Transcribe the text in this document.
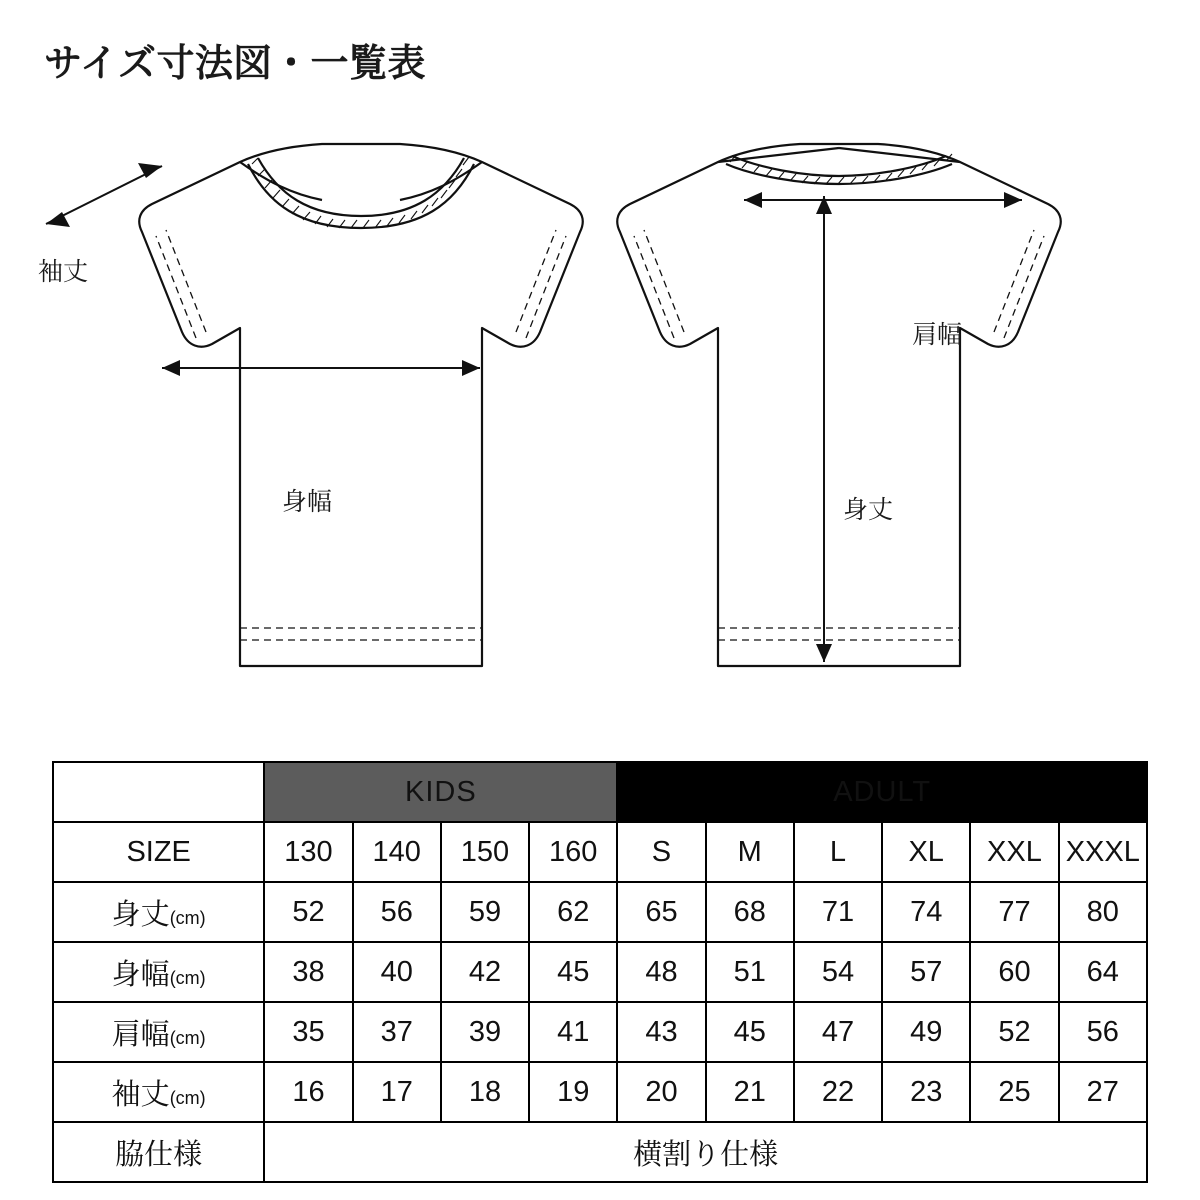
サイズ寸法図・一覧表
袖丈
身幅
肩幅
身丈
	KIDS				ADULT					
SIZE	130	140	150	160	S	M	L	XL	XXL	XXXL
身丈(cm)	52	56	59	62	65	68	71	74	77	80
身幅(cm)	38	40	42	45	48	51	54	57	60	64
肩幅(cm)	35	37	39	41	43	45	47	49	52	56
袖丈(cm)	16	17	18	19	20	21	22	23	25	27
脇仕様	横割り仕様									
